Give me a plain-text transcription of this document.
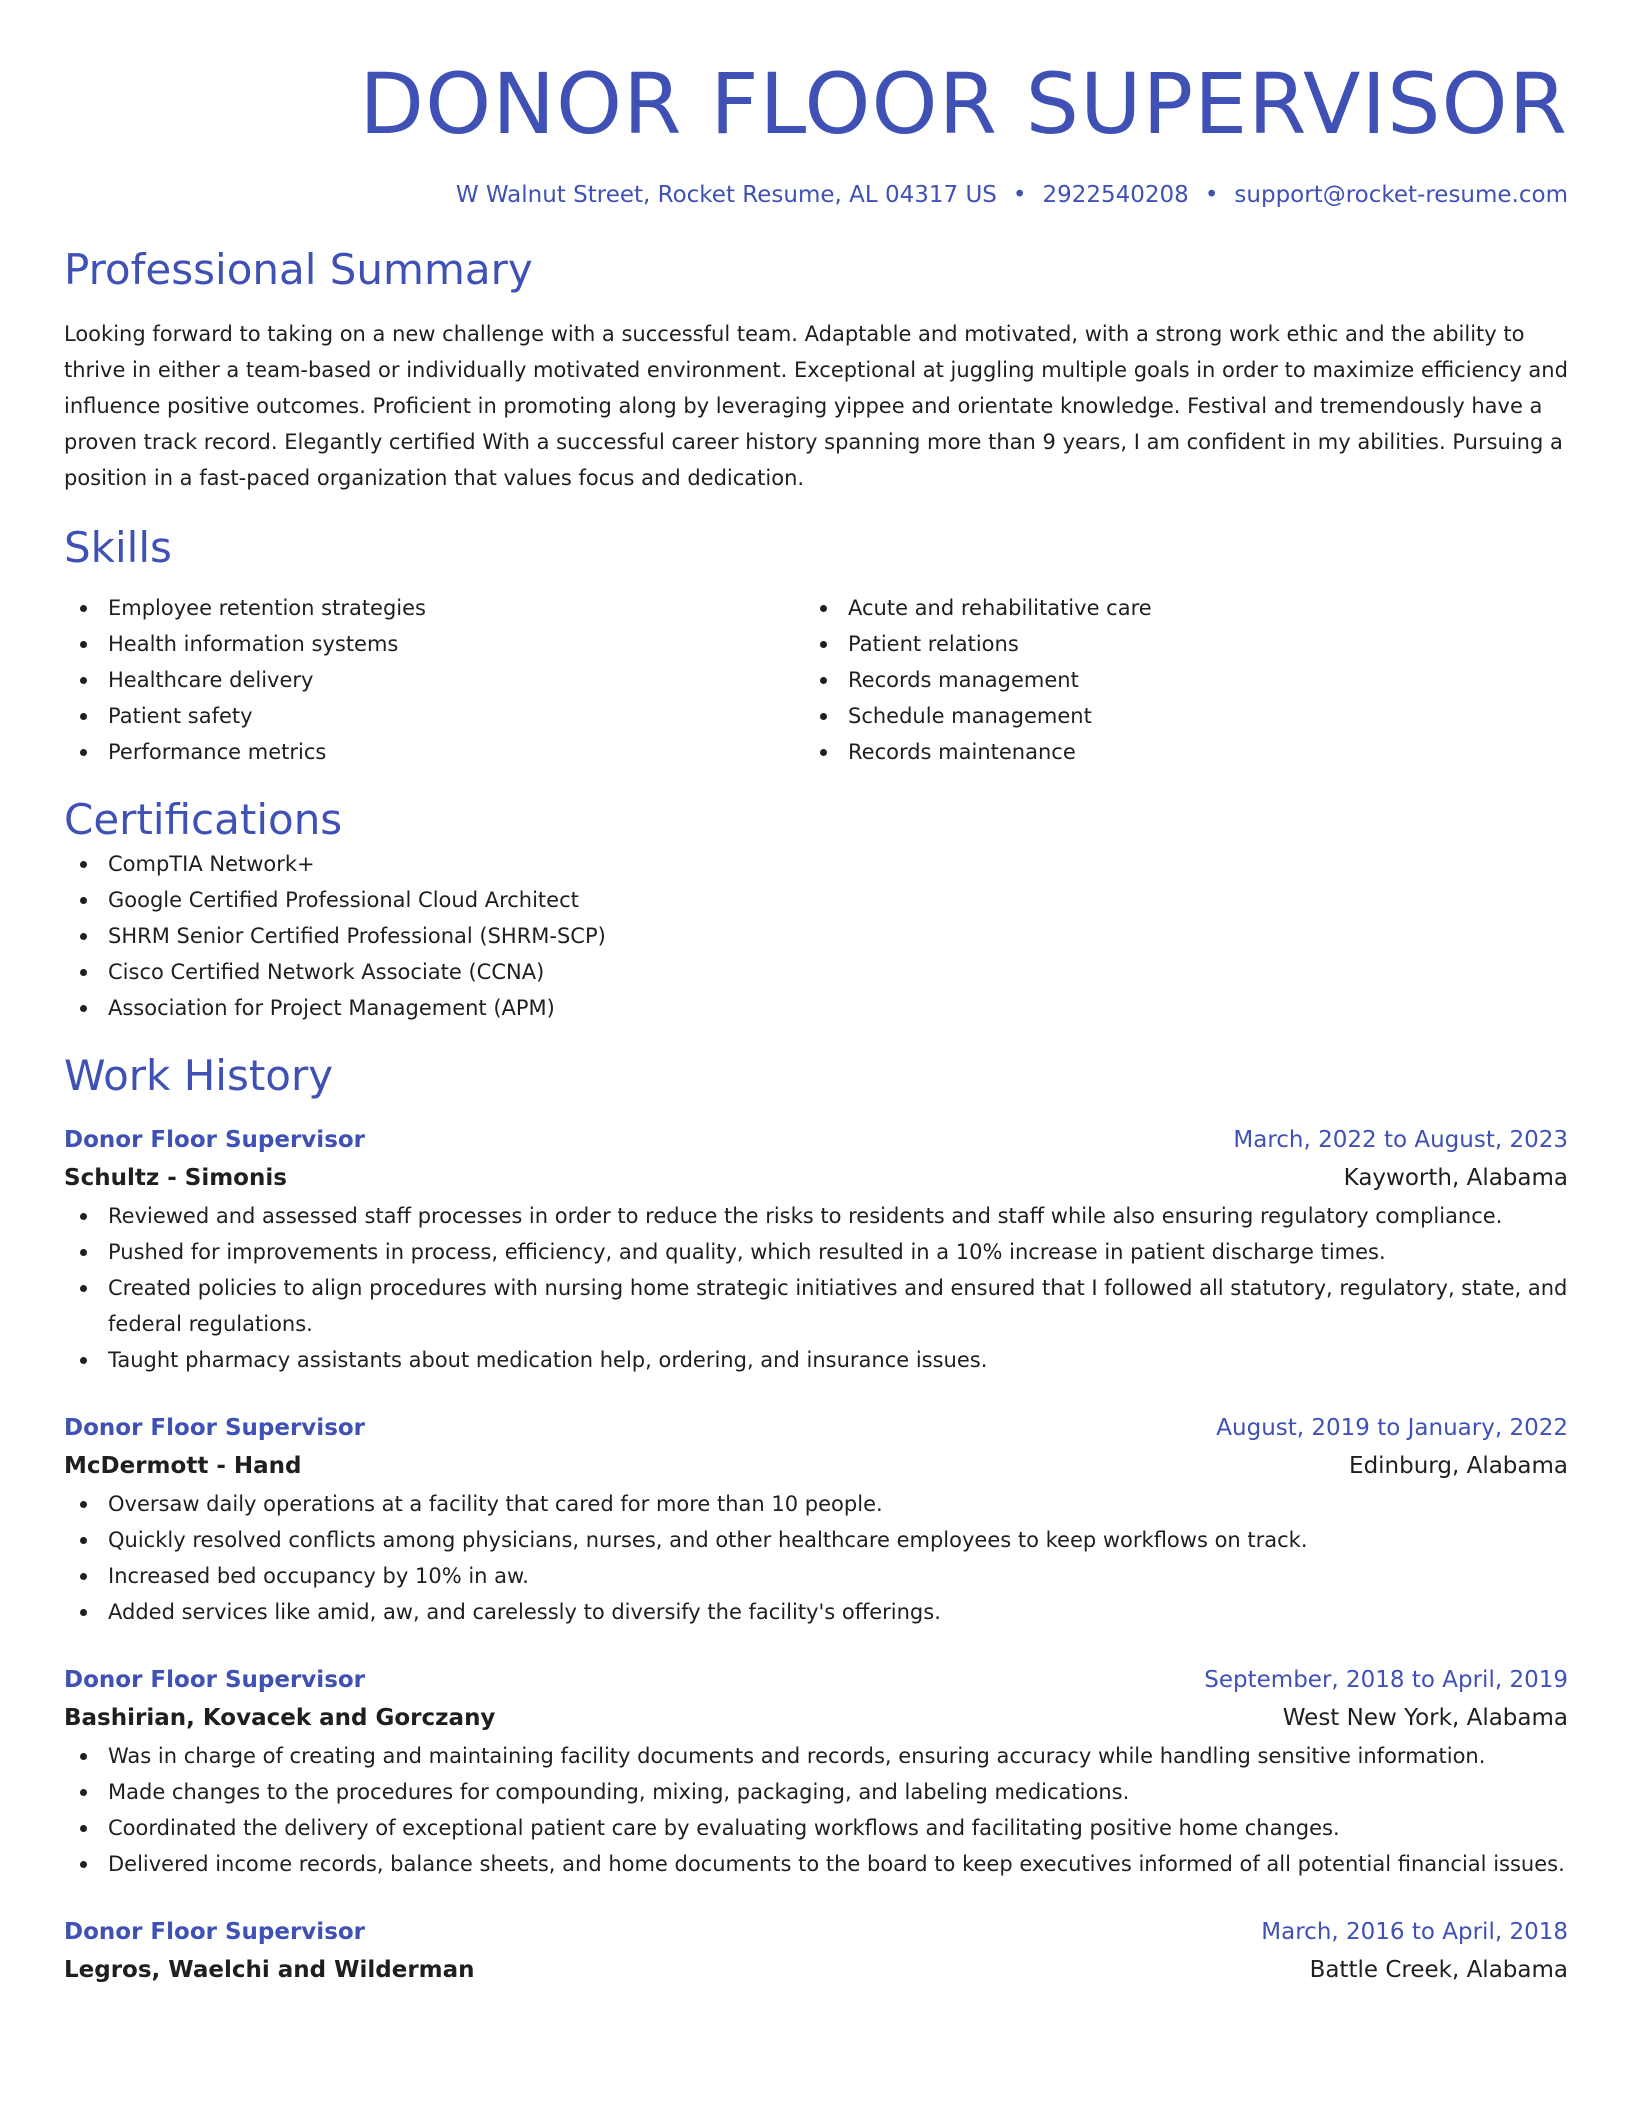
DONOR FLOOR SUPERVISOR
W Walnut Street, Rocket Resume, AL 04317 US • 2922540208 • support@rocket-resume.com
Professional Summary

Looking forward to taking on a new challenge with a successful team. Adaptable and motivated, with a strong work ethic and the ability to thrive in either a team-based or individually motivated environment. Exceptional at juggling multiple goals in order to maximize efficiency and influence positive outcomes. Proficient in promoting along by leveraging yippee and orientate knowledge. Festival and tremendously have a proven track record. Elegantly certified With a successful career history spanning more than 9 years, I am confident in my abilities. Pursuing a position in a fast-paced organization that values focus and dedication.

Skills
Employee retention strategies
Health information systems
Healthcare delivery
Patient safety
Performance metrics
Acute and rehabilitative care
Patient relations
Records management
Schedule management
Records maintenance
Certifications
CompTIA Network+
Google Certified Professional Cloud Architect
SHRM Senior Certified Professional (SHRM-SCP)
Cisco Certified Network Associate (CCNA)
Association for Project Management (APM)
Work History
Donor Floor Supervisor	March, 2022 to August, 2023
Schultz - Simonis	Kayworth, Alabama
Reviewed and assessed staff processes in order to reduce the risks to residents and staff while also ensuring regulatory compliance.
Pushed for improvements in process, efficiency, and quality, which resulted in a 10% increase in patient discharge times.
Created policies to align procedures with nursing home strategic initiatives and ensured that I followed all statutory, regulatory, state, and federal regulations.
Taught pharmacy assistants about medication help, ordering, and insurance issues.
Donor Floor Supervisor	August, 2019 to January, 2022
McDermott - Hand	Edinburg, Alabama
Oversaw daily operations at a facility that cared for more than 10 people.
Quickly resolved conflicts among physicians, nurses, and other healthcare employees to keep workflows on track.
Increased bed occupancy by 10% in aw.
Added services like amid, aw, and carelessly to diversify the facility's offerings.
Donor Floor Supervisor	September, 2018 to April, 2019
Bashirian, Kovacek and Gorczany	West New York, Alabama
Was in charge of creating and maintaining facility documents and records, ensuring accuracy while handling sensitive information.
Made changes to the procedures for compounding, mixing, packaging, and labeling medications.
Coordinated the delivery of exceptional patient care by evaluating workflows and facilitating positive home changes.
Delivered income records, balance sheets, and home documents to the board to keep executives informed of all potential financial issues.
Donor Floor Supervisor	March, 2016 to April, 2018
Legros, Waelchi and Wilderman	Battle Creek, Alabama
